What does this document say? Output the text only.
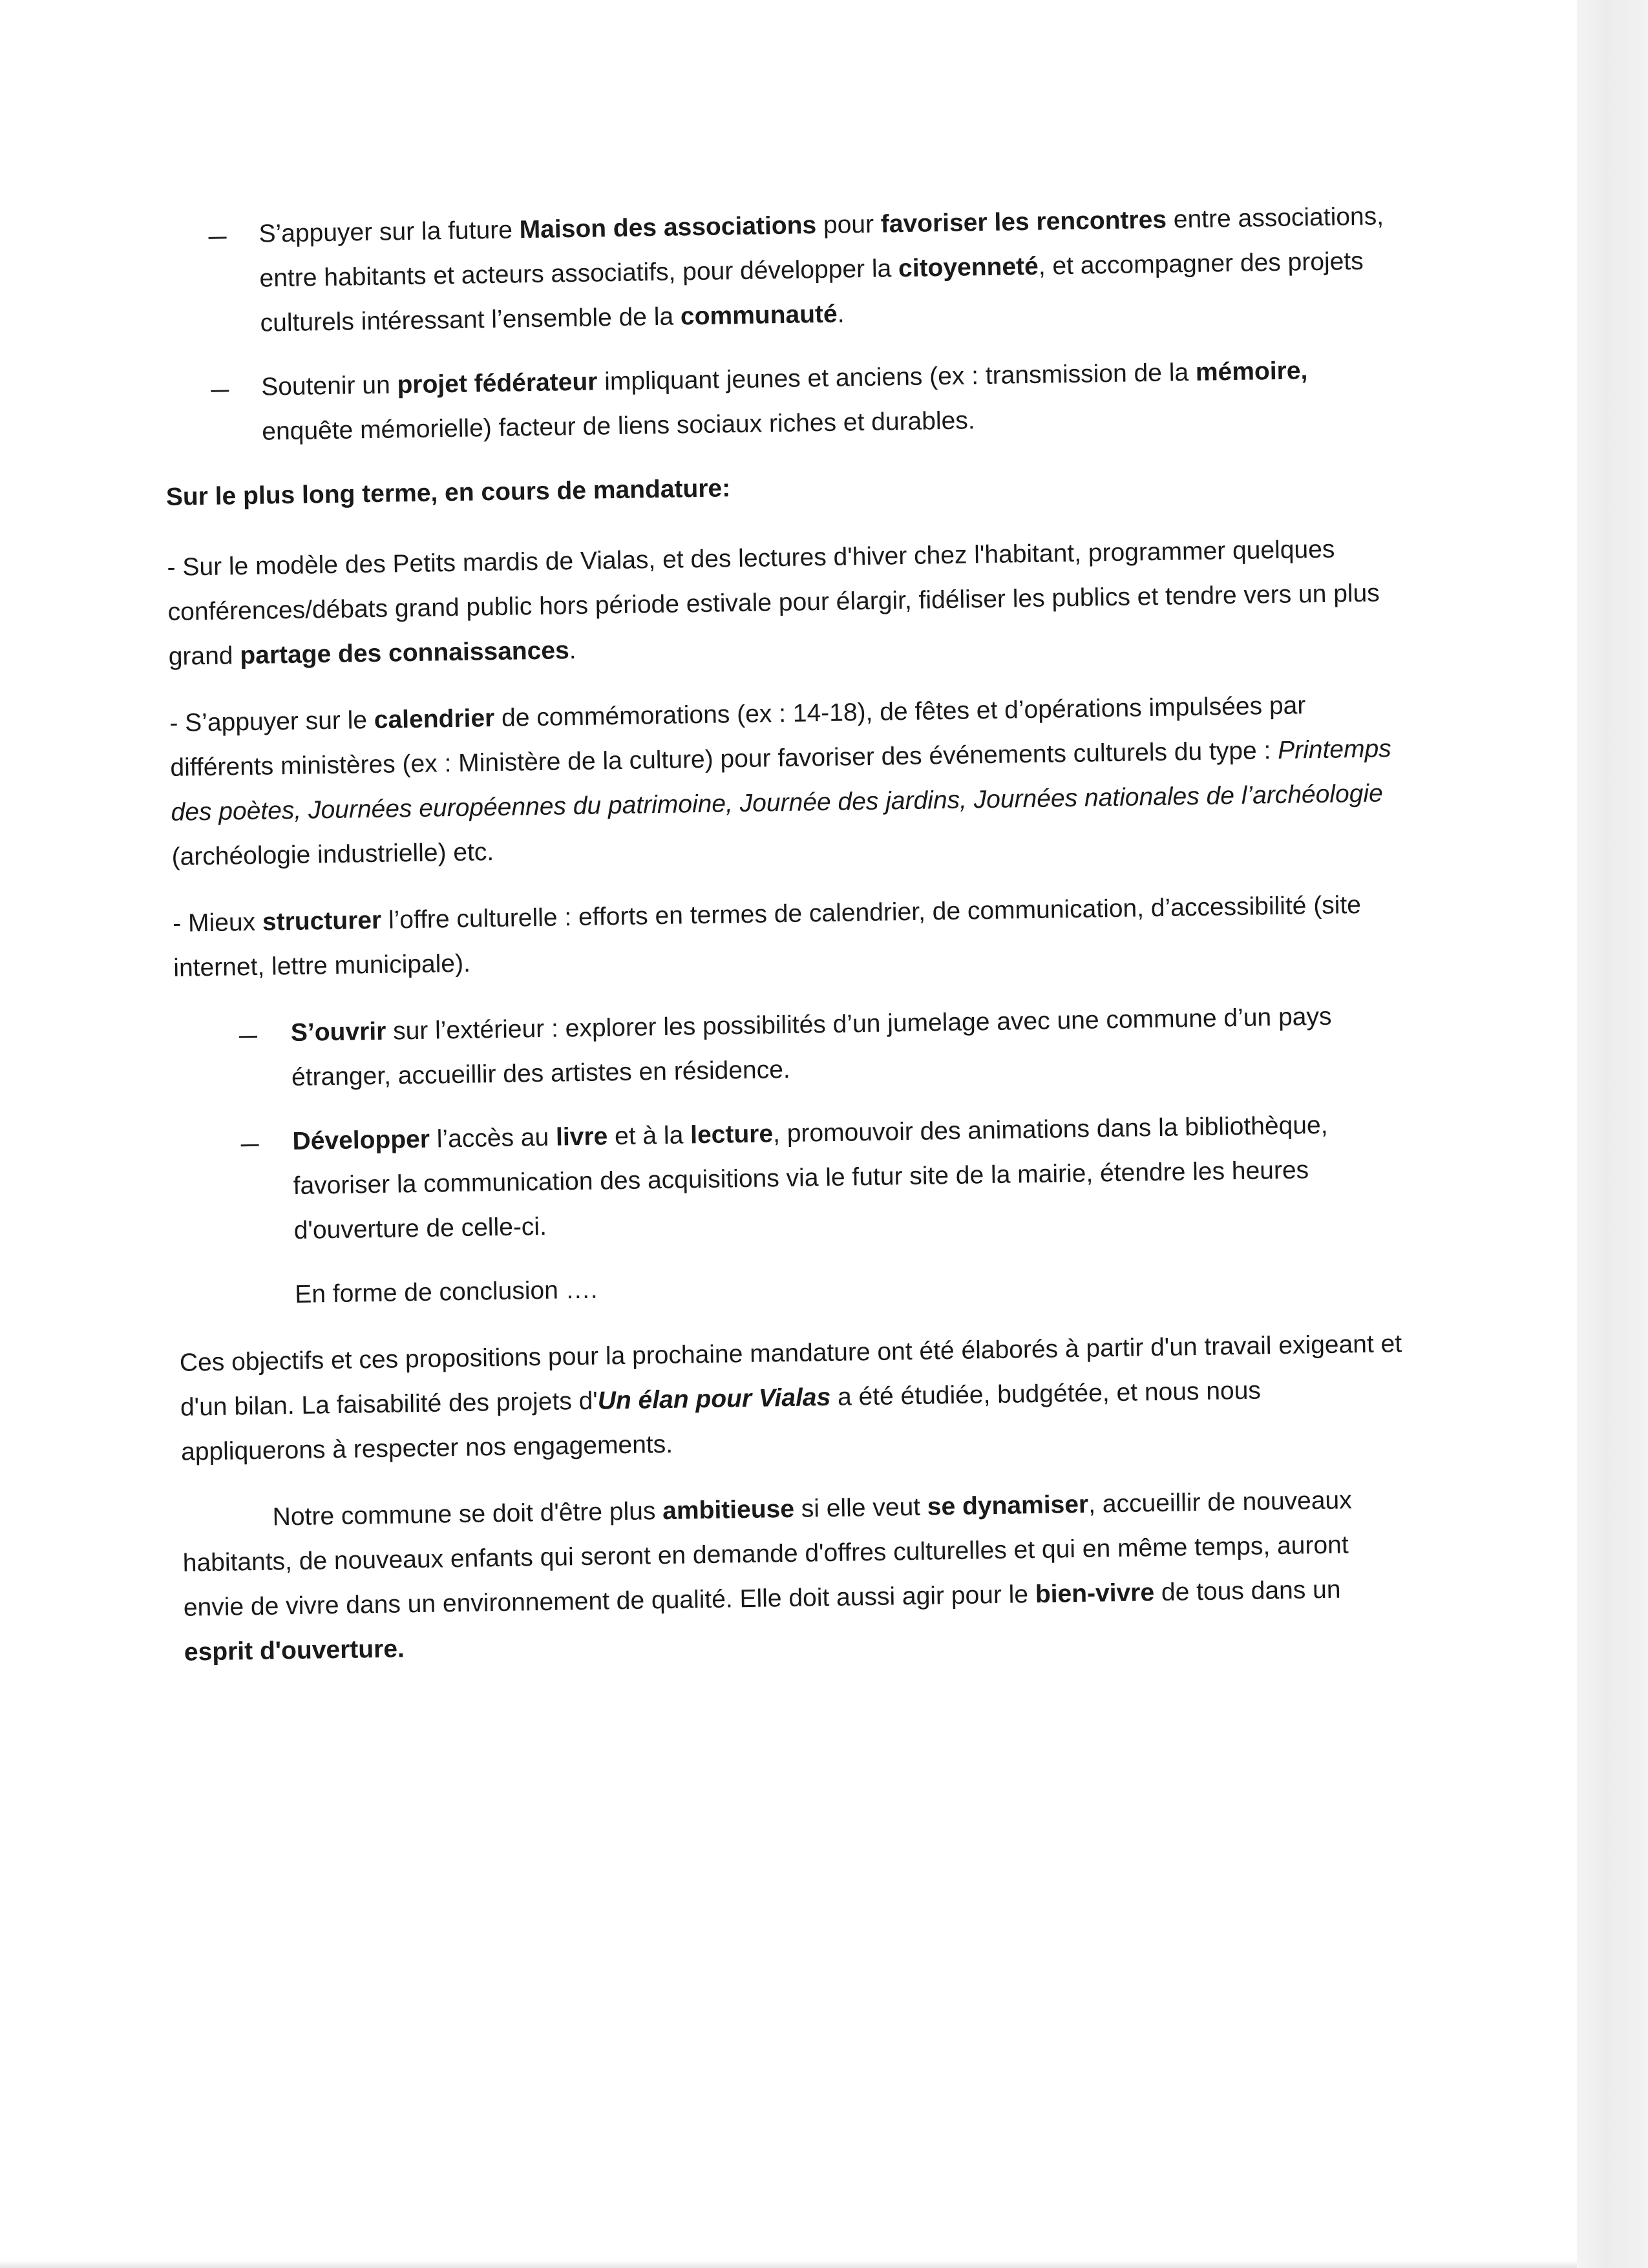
S’appuyer sur la future Maison des associations pour favoriser les rencontres entre associations, entre habitants et acteurs associatifs, pour développer la citoyenneté, et accompagner des projets culturels intéressant l’ensemble de la communauté.
Soutenir un projet fédérateur impliquant jeunes et anciens (ex : transmission de la mémoire, enquête mémorielle) facteur de liens sociaux riches et durables.
Sur le plus long terme, en cours de mandature:
- Sur le modèle des Petits mardis de Vialas, et des lectures d'hiver chez l'habitant, programmer quelques conférences/débats grand public hors période estivale pour élargir, fidéliser les publics et tendre vers un plus grand partage des connaissances.
- S’appuyer sur le calendrier de commémorations (ex : 14-18), de fêtes et d’opérations impulsées par différents ministères (ex : Ministère de la culture) pour favoriser des événements culturels du type : Printemps des poètes, Journées européennes du patrimoine, Journée des jardins, Journées nationales de l’archéologie (archéologie industrielle) etc.
- Mieux structurer l’offre culturelle : efforts en termes de calendrier, de communication, d’accessibilité (site internet, lettre municipale).
S’ouvrir sur l’extérieur : explorer les possibilités d’un jumelage avec une commune d’un pays étranger, accueillir des artistes en résidence.
Développer l’accès au livre et à la lecture, promouvoir des animations dans la bibliothèque, favoriser la communication des acquisitions via le futur site de la mairie, étendre les heures d'ouverture de celle-ci.
En forme de conclusion ….
Ces objectifs et ces propositions pour la prochaine mandature ont été élaborés à partir d'un travail exigeant et d'un bilan. La faisabilité des projets d'Un élan pour Vialas a été étudiée, budgétée, et nous nous appliquerons à respecter nos engagements.
Notre commune se doit d'être plus ambitieuse si elle veut se dynamiser, accueillir de nouveaux habitants, de nouveaux enfants qui seront en demande d'offres culturelles et qui en même temps, auront envie de vivre dans un environnement de qualité. Elle doit aussi agir pour le bien-vivre de tous dans un esprit d'ouverture.
